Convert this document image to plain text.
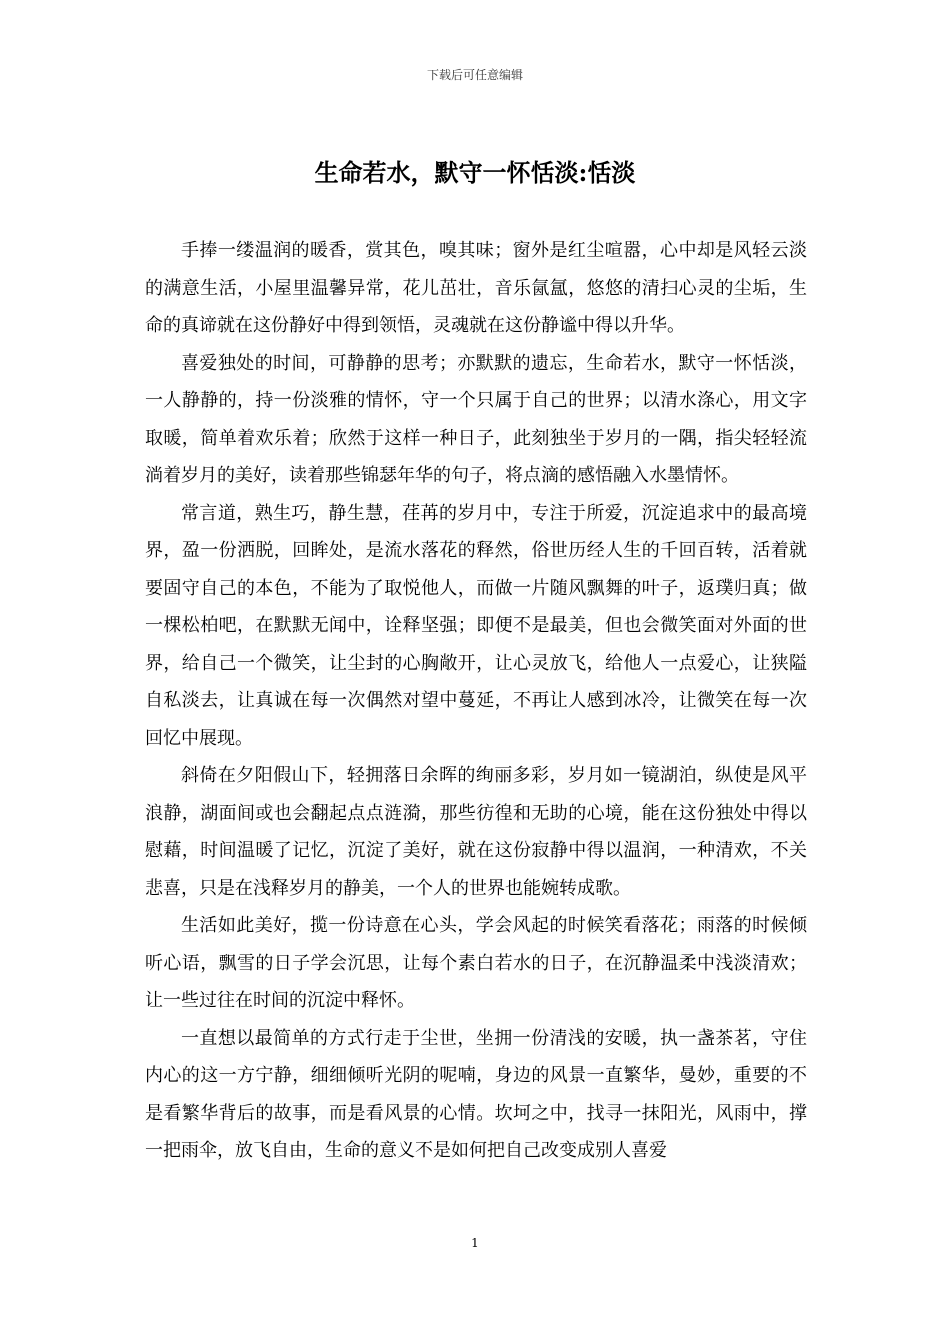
下载后可任意编辑
生命若水，默守一怀恬淡:恬淡

手捧一缕温润的暖香，赏其色，嗅其味；窗外是红尘喧嚣，心中却是风轻云淡的满意生活，小屋里温馨异常，花儿茁壮，音乐氤氲，悠悠的清扫心灵的尘垢，生命的真谛就在这份静好中得到领悟，灵魂就在这份静谧中得以升华。

喜爱独处的时间，可静静的思考；亦默默的遗忘，生命若水，默守一怀恬淡，一人静静的，持一份淡雅的情怀，守一个只属于自己的世界；以清水涤心，用文字取暖，简单着欢乐着；欣然于这样一种日子，此刻独坐于岁月的一隅，指尖轻轻流淌着岁月的美好，读着那些锦瑟年华的句子，将点滴的感悟融入水墨情怀。

常言道，熟生巧，静生慧，荏苒的岁月中，专注于所爱，沉淀追求中的最高境界，盈一份洒脱，回眸处，是流水落花的释然，俗世历经人生的千回百转，活着就要固守自己的本色，不能为了取悦他人，而做一片随风飘舞的叶子，返璞归真；做一棵松柏吧，在默默无闻中，诠释坚强；即便不是最美，但也会微笑面对外面的世界，给自己一个微笑，让尘封的心胸敞开，让心灵放飞，给他人一点爱心，让狭隘自私淡去，让真诚在每一次偶然对望中蔓延，不再让人感到冰冷，让微笑在每一次回忆中展现。

斜倚在夕阳假山下，轻拥落日余晖的绚丽多彩，岁月如一镜湖泊，纵使是风平浪静，湖面间或也会翻起点点涟漪，那些彷徨和无助的心境，能在这份独处中得以慰藉，时间温暖了记忆，沉淀了美好，就在这份寂静中得以温润，一种清欢，不关悲喜，只是在浅释岁月的静美，一个人的世界也能婉转成歌。

生活如此美好，揽一份诗意在心头，学会风起的时候笑看落花；雨落的时候倾听心语，飘雪的日子学会沉思，让每个素白若水的日子，在沉静温柔中浅淡清欢；让一些过往在时间的沉淀中释怀。

一直想以最简单的方式行走于尘世，坐拥一份清浅的安暖，执一盏茶茗，守住内心的这一方宁静，细细倾听光阴的呢喃，身边的风景一直繁华，曼妙，重要的不是看繁华背后的故事，而是看风景的心情。坎坷之中，找寻一抹阳光，风雨中，撑一把雨伞，放飞自由，生命的意义不是如何把自己改变成别人喜爱

1
